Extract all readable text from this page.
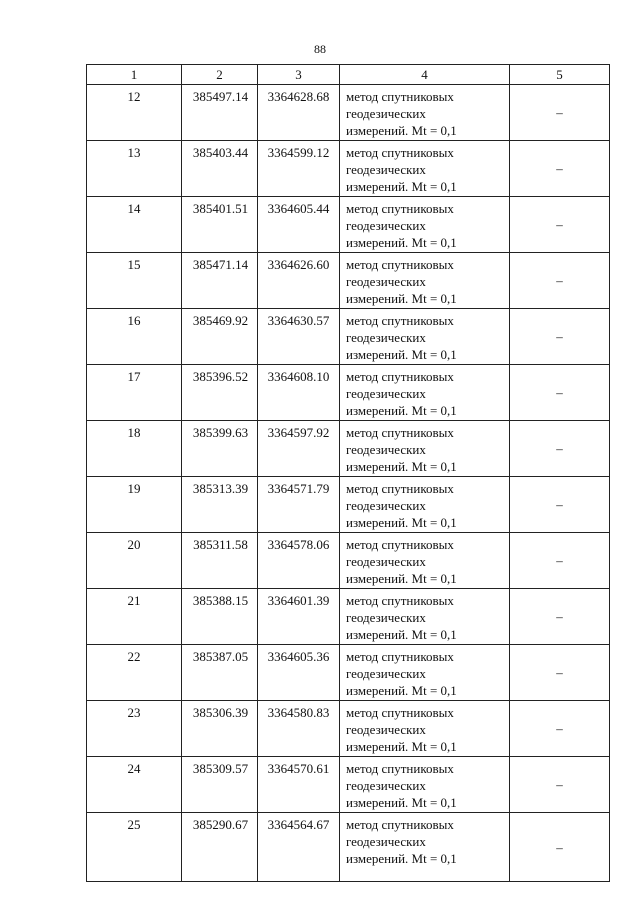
88
1	2	3	4	5
12	385497.14	3364628.68	метод спутниковых
геодезических
измерений. Mt = 0,1	–
13	385403.44	3364599.12	метод спутниковых
геодезических
измерений. Mt = 0,1	–
14	385401.51	3364605.44	метод спутниковых
геодезических
измерений. Mt = 0,1	–
15	385471.14	3364626.60	метод спутниковых
геодезических
измерений. Mt = 0,1	–
16	385469.92	3364630.57	метод спутниковых
геодезических
измерений. Mt = 0,1	–
17	385396.52	3364608.10	метод спутниковых
геодезических
измерений. Mt = 0,1	–
18	385399.63	3364597.92	метод спутниковых
геодезических
измерений. Mt = 0,1	–
19	385313.39	3364571.79	метод спутниковых
геодезических
измерений. Mt = 0,1	–
20	385311.58	3364578.06	метод спутниковых
геодезических
измерений. Mt = 0,1	–
21	385388.15	3364601.39	метод спутниковых
геодезических
измерений. Mt = 0,1	–
22	385387.05	3364605.36	метод спутниковых
геодезических
измерений. Mt = 0,1	–
23	385306.39	3364580.83	метод спутниковых
геодезических
измерений. Mt = 0,1	–
24	385309.57	3364570.61	метод спутниковых
геодезических
измерений. Mt = 0,1	–
25	385290.67	3364564.67	метод спутниковых
геодезических
измерений. Mt = 0,1	–
